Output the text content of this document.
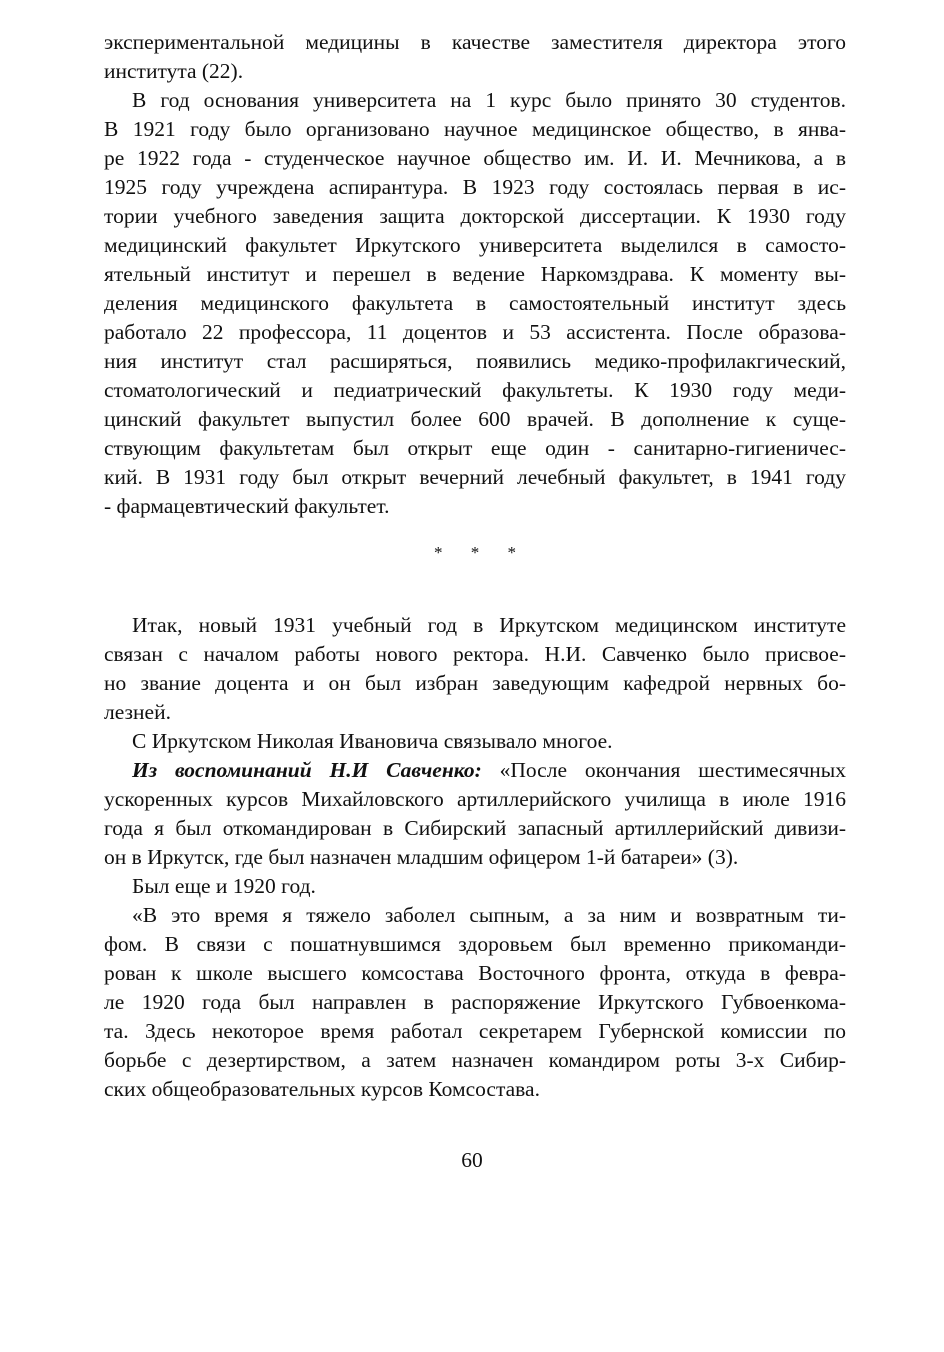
экспериментальной медицины в качестве заместителя директора этого
института (22).
В год основания университета на 1 курс было принято 30 студентов.
В 1921 году было организовано научное медицинское общество, в янва-
ре 1922 года - студенческое научное общество им. И. И. Мечникова, а в
1925 году учреждена аспирантура. В 1923 году состоялась первая в ис-
тории учебного заведения защита докторской диссертации. К 1930 году
медицинский факультет Иркутского университета выделился в самосто-
ятельный институт и перешел в ведение Наркомздрава. К моменту вы-
деления медицинского факультета в самостоятельный институт здесь
работало 22 профессора, 11 доцентов и 53 ассистента. После образова-
ния институт стал расширяться, появились медико-профилакгический,
стоматологический и педиатрический факультеты. К 1930 году меди-
цинский факультет выпустил более 600 врачей. В дополнение к суще-
ствующим факультетам был открыт еще один - санитарно-гигиеничес-
кий. В 1931 году был открыт вечерний лечебный факультет, в 1941 году
- фармацевтический факультет.
* * *
Итак, новый 1931 учебный год в Иркутском медицинском институте
связан с началом работы нового ректора. Н.И. Савченко было присвое-
но звание доцента и он был избран заведующим кафедрой нервных бо-
лезней.
С Иркутском Николая Ивановича связывало многое.
Из воспоминаний Н.И Савченко: «После окончания шестимесячных
ускоренных курсов Михайловского артиллерийского училища в июле 1916
года я был откомандирован в Сибирский запасный артиллерийский дивизи-
он в Иркутск, где был назначен младшим офицером 1-й батареи» (3).
Был еще и 1920 год.
«В это время я тяжело заболел сыпным, а за ним и возвратным ти-
фом. В связи с пошатнувшимся здоровьем был временно прикоманди-
рован к школе высшего комсостава Восточного фронта, откуда в февра-
ле 1920 года был направлен в распоряжение Иркутского Губвоенкома-
та. Здесь некоторое время работал секретарем Губернской комиссии по
борьбе с дезертирством, а затем назначен командиром роты 3-х Сибир-
ских общеобразовательных курсов Комсостава.
60
